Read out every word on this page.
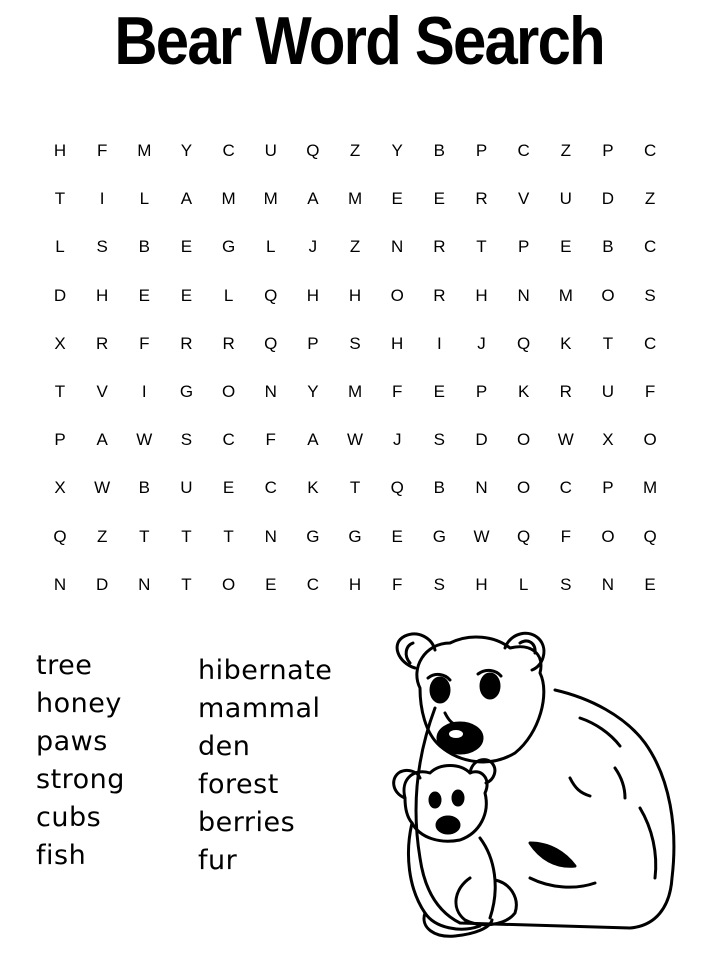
Bear Word Search
H	F	M	Y	C	U	Q	Z	Y	B	P	C	Z	P	C
T	I	L	A	M	M	A	M	E	E	R	V	U	D	Z
L	S	B	E	G	L	J	Z	N	R	T	P	E	B	C
D	H	E	E	L	Q	H	H	O	R	H	N	M	O	S
X	R	F	R	R	Q	P	S	H	I	J	Q	K	T	C
T	V	I	G	O	N	Y	M	F	E	P	K	R	U	F
P	A	W	S	C	F	A	W	J	S	D	O	W	X	O
X	W	B	U	E	C	K	T	Q	B	N	O	C	P	M
Q	Z	T	T	T	N	G	G	E	G	W	Q	F	O	Q
N	D	N	T	O	E	C	H	F	S	H	L	S	N	E
tree
honey
paws
strong
cubs
fish
hibernate
mammal
den
forest
berries
fur
